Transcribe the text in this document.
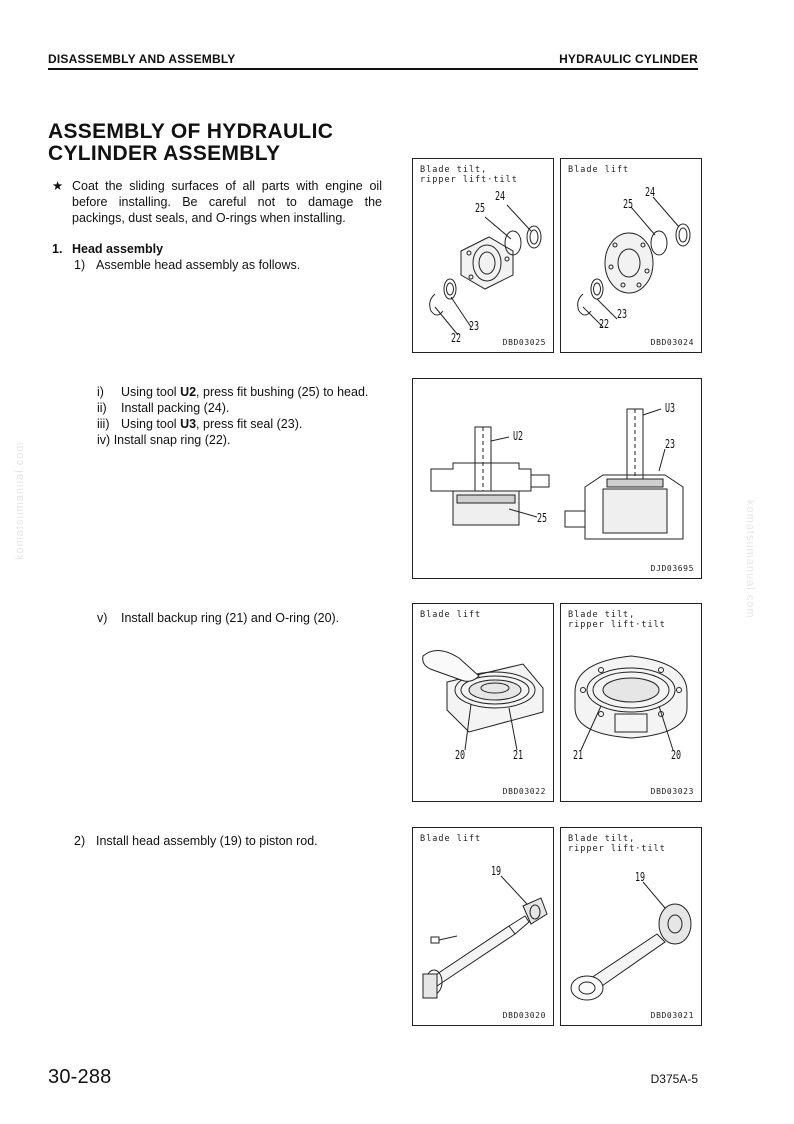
DISASSEMBLY AND ASSEMBLY	HYDRAULIC CYLINDER
ASSEMBLY OF HYDRAULIC
CYLINDER ASSEMBLY
★ Coat the sliding surfaces of all parts with engine oil before installing. Be careful not to damage the packings, dust seals, and O-rings when installing.
1. Head assembly
1) Assemble head assembly as follows.
i) Using tool U2, press fit bushing (25) to head.
ii) Install packing (24).
iii) Using tool U3, press fit seal (23).
iv) Install snap ring (22).
v) Install backup ring (21) and O-ring (20).
2) Install head assembly (19) to piston rod.
Blade tilt,
ripper lift·tilt
24
25
22
23
DBD03025
Blade lift
24
25
22
23
DBD03024
U2
U3
25
23
DJD03695
Blade lift
20	21
DBD03022
Blade tilt,
ripper lift·tilt
21	20
DBD03023
Blade lift
19
DBD03020
Blade tilt,
ripper lift·tilt
19
DBD03021
komatsumanual.com	komatsumanual.com
30-288	D375A-5
